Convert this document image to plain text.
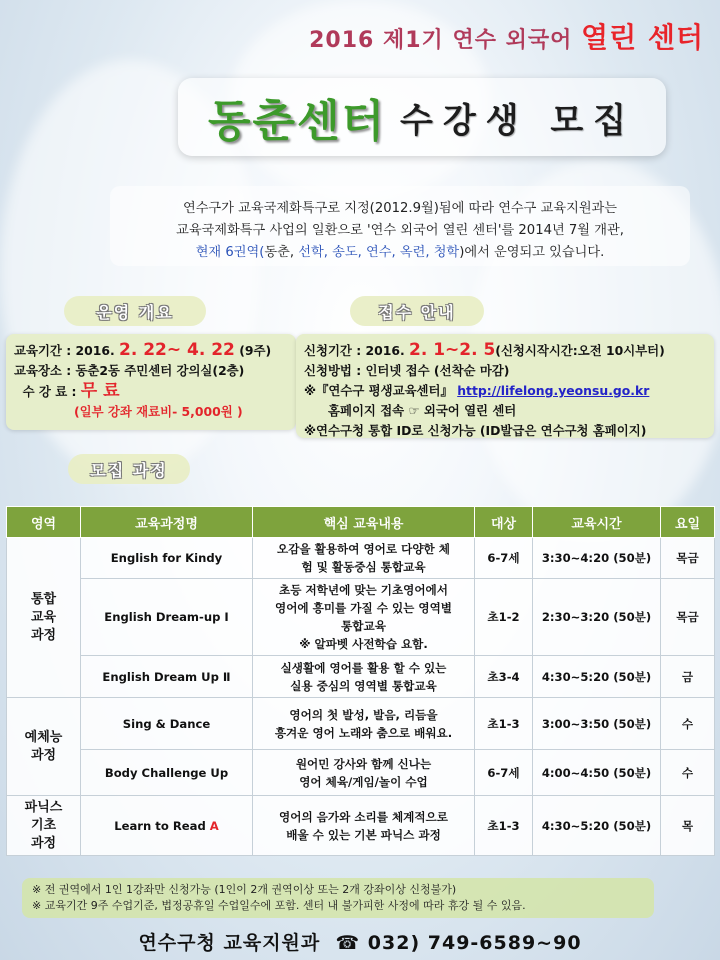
2016 제1기 연수 외국어 열린 센터
동춘센터 수강생 모집
연수구가 교육국제화특구로 지정(2012.9월)됨에 따라 연수구 교육지원과는
교육국제화특구 사업의 일환으로 '연수 외국어 열린 센터'를 2014년 7월 개관,
현재 6권역(동춘, 선학, 송도, 연수, 옥련, 청학)에서 운영되고 있습니다.
운영 개요	접수 안내
교육기간 : 2016. 2. 22~ 4. 22 (9주)
교육장소 : 동춘2동 주민센터 강의실(2층)
수 강 료 : 무 료
(일부 강좌 재료비- 5,000원 )
신청기간 : 2016. 2. 1~2. 5(신청시작시간:오전 10시부터)
신청방법 : 인터넷 접수 (선착순 마감)
※『연수구 평생교육센터』 http://lifelong.yeonsu.go.kr
홈페이지 접속 ☞ 외국어 열린 센터
※연수구청 통합 ID로 신청가능 (ID발급은 연수구청 홈페이지)
모집 과정
영역	교육과정명	핵심 교육내용	대상	교육시간	요일
통합
교육
과정	English for Kindy	오감을 활용하여 영어로 다양한 체
험 및 활동중심 통합교육	6-7세	3:30~4:20 (50분)	목금
	English Dream-up Ⅰ	초등 저학년에 맞는 기초영어에서
영어에 흥미를 가질 수 있는 영역별
통합교육
※ 알파벳 사전학습 요함.	초1-2	2:30~3:20 (50분)	목금
	English Dream Up Ⅱ	실생활에 영어를 활용 할 수 있는
실용 중심의 영역별 통합교육	초3-4	4:30~5:20 (50분)	금
예체능
과정	Sing & Dance	영어의 첫 발성, 발음, 리듬을
흥겨운 영어 노래와 춤으로 배워요.	초1-3	3:00~3:50 (50분)	수
	Body Challenge Up	원어민 강사와 함께 신나는
영어 체육/게임/놀이 수업	6-7세	4:00~4:50 (50분)	수
파닉스
기초
과정	Learn to Read A	영어의 음가와 소리를 체계적으로
배울 수 있는 기본 파닉스 과정	초1-3	4:30~5:20 (50분)	목
※ 전 권역에서 1인 1강좌만 신청가능 (1인이 2개 권역이상 또는 2개 강좌이상 신청불가)
※ 교육기간 9주 수업기준, 법정공휴일 수업일수에 포함. 센터 내 불가피한 사정에 따라 휴강 될 수 있음.
연수구청 교육지원과 ☎ 032) 749-6589~90
